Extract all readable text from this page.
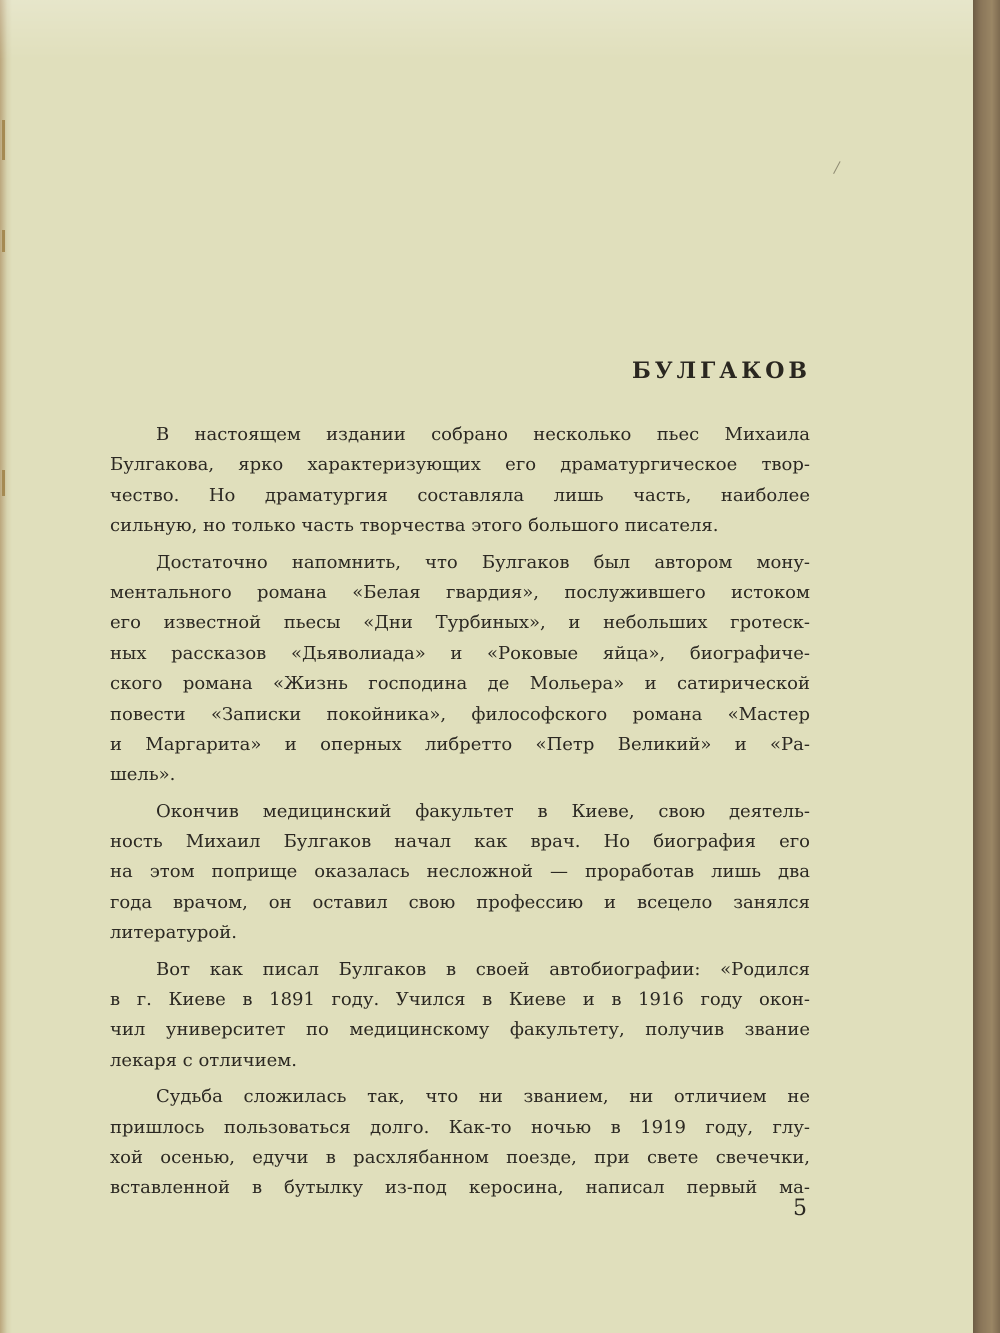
БУЛГАКОВ

В настоящем издании собрано несколько пьес Михаила
Булгакова, ярко характеризующих его драматургическое твор-
чество. Но драматургия составляла лишь часть, наиболее
сильную, но только часть творчества этого большого писателя.

Достаточно напомнить, что Булгаков был автором мону-
ментального романа «Белая гвардия», послужившего истоком
его известной пьесы «Дни Турбиных», и небольших гротеск-
ных рассказов «Дьяволиада» и «Роковые яйца», биографиче-
ского романа «Жизнь господина де Мольера» и сатирической
повести «Записки покойника», философского романа «Мастер
и Маргарита» и оперных либретто «Петр Великий» и «Ра-
шель».

Окончив медицинский факультет в Киеве, свою деятель-
ность Михаил Булгаков начал как врач. Но биография его
на этом поприще оказалась несложной — проработав лишь два
года врачом, он оставил свою профессию и всецело занялся
литературой.

Вот как писал Булгаков в своей автобиографии: «Родился
в г. Киеве в 1891 году. Учился в Киеве и в 1916 году окон-
чил университет по медицинскому факультету, получив звание
лекаря с отличием.

Судьба сложилась так, что ни званием, ни отличием не
пришлось пользоваться долго. Как-то ночью в 1919 году, глу-
хой осенью, едучи в расхлябанном поезде, при свете свечечки,
вставленной в бутылку из-под керосина, написал первый ма-

5
